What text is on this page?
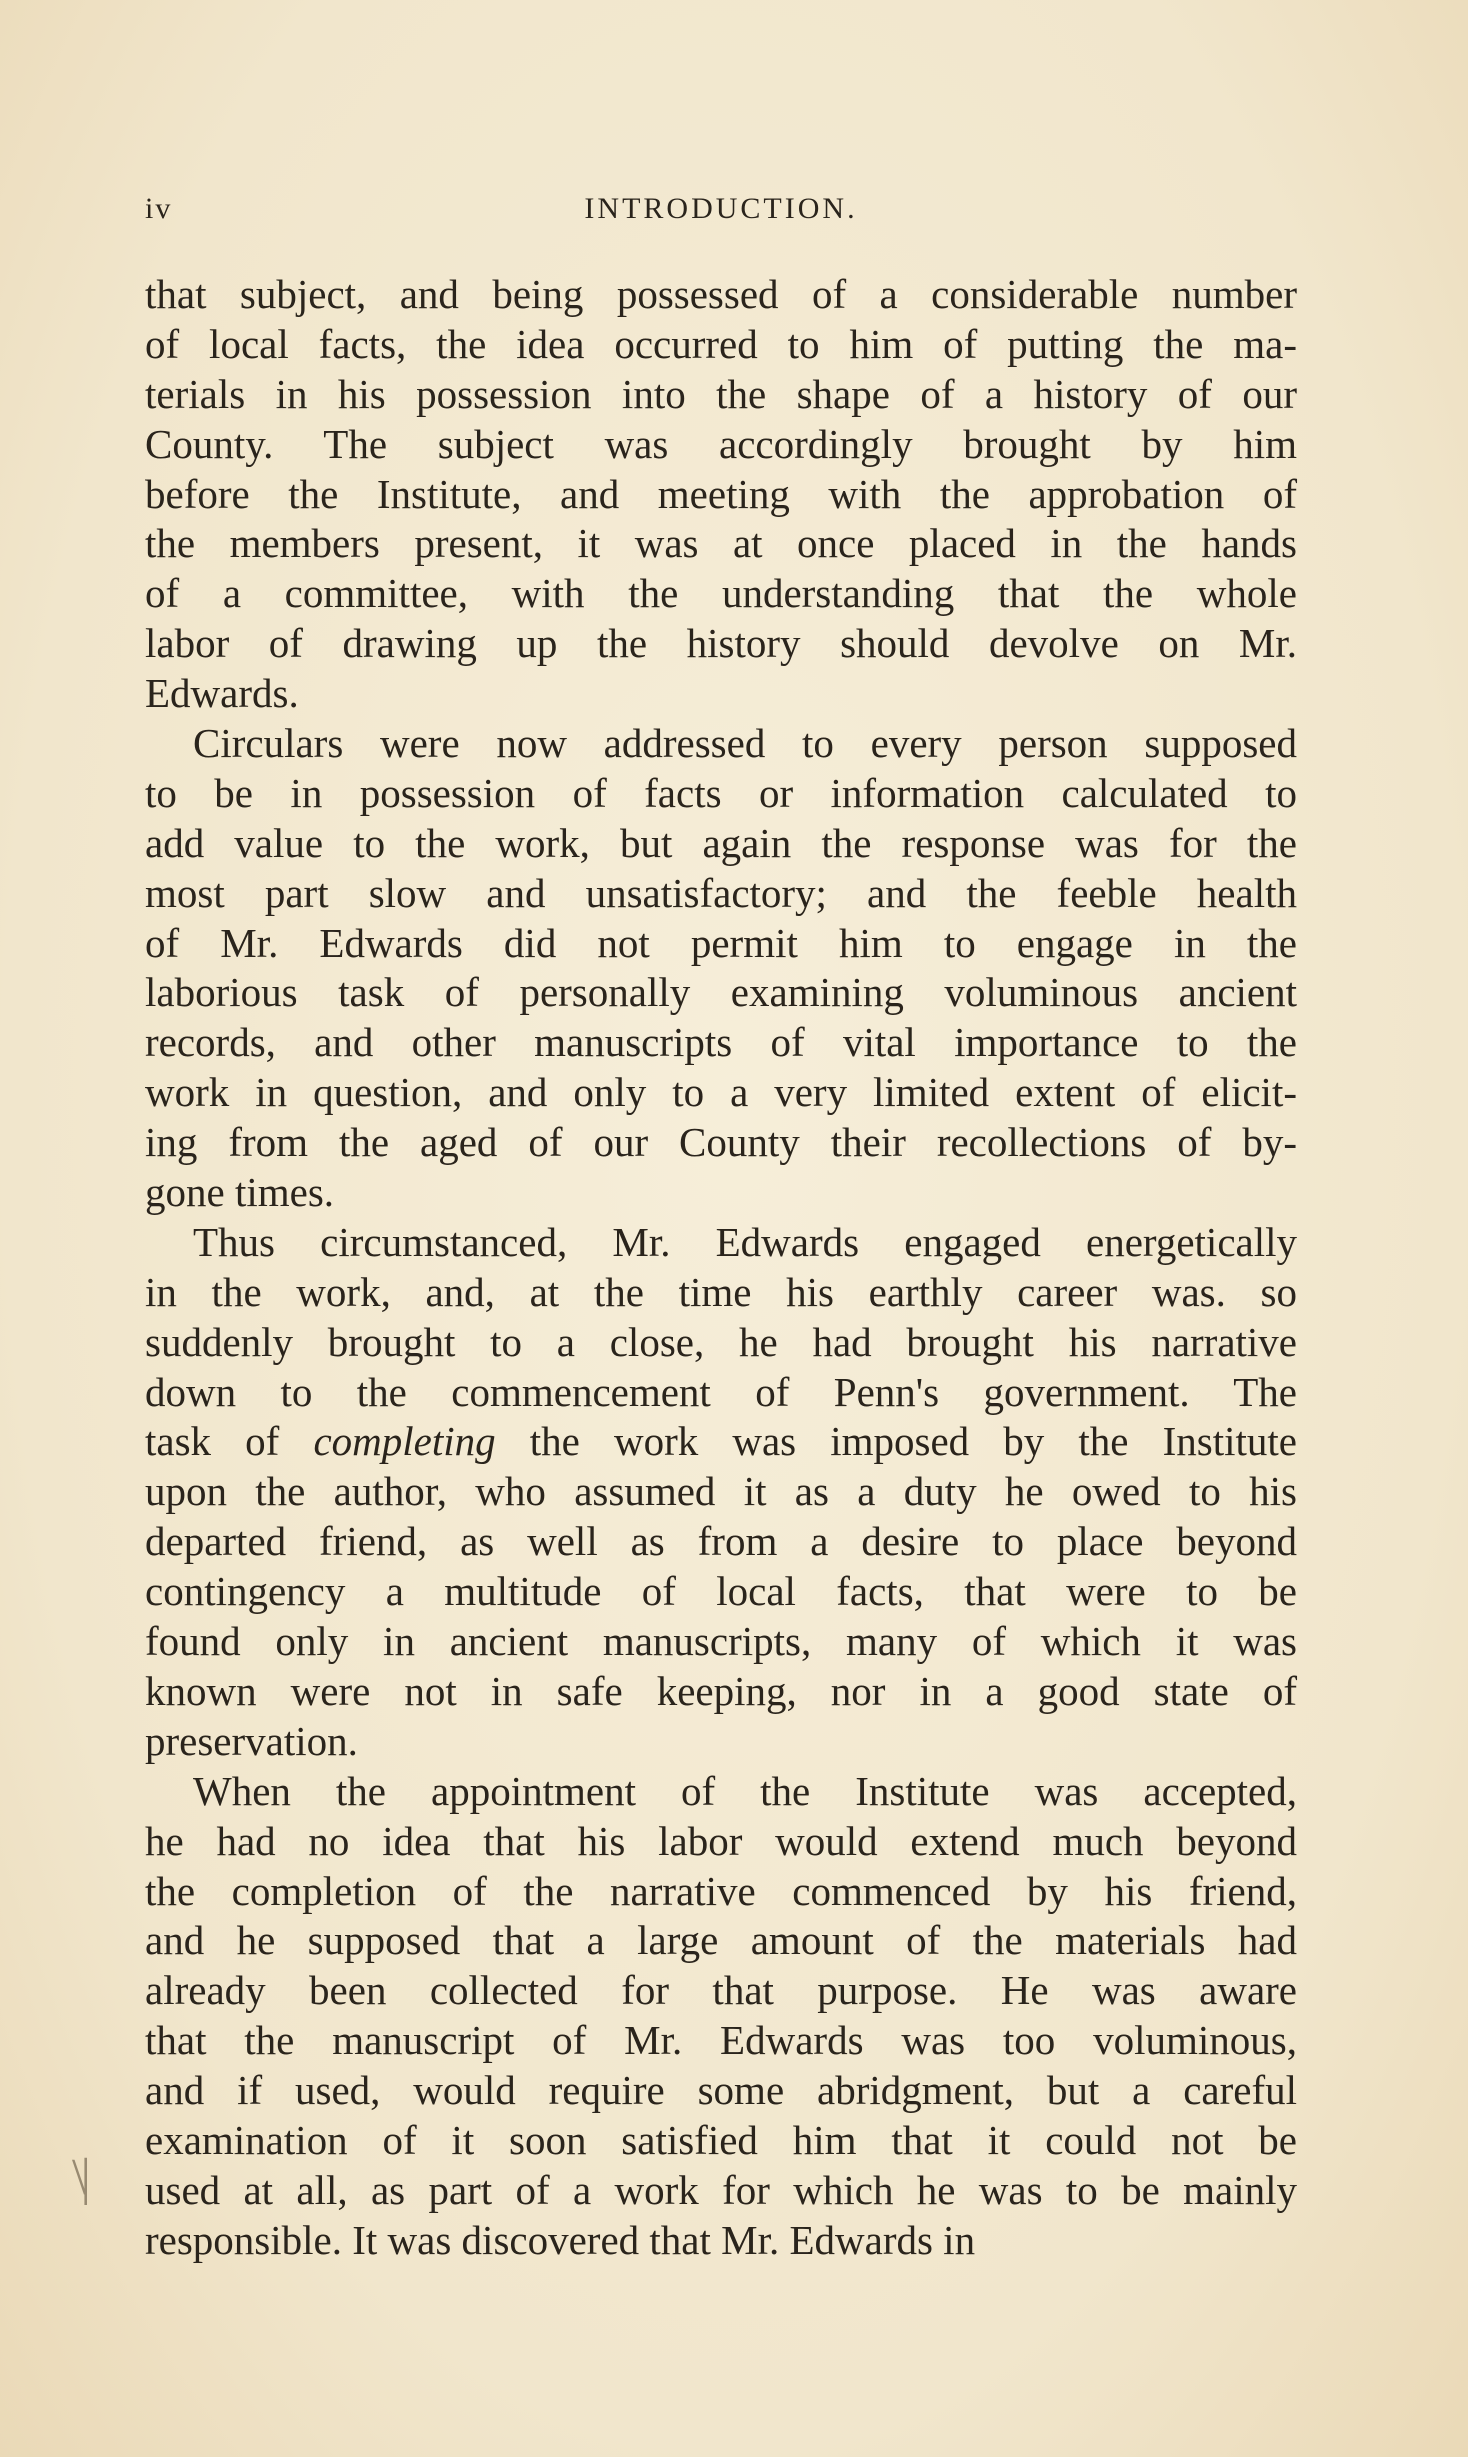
iv	INTRODUCTION.
that subject, and being possessed of a considerable number
of local facts, the idea occurred to him of putting the ma-
terials in his possession into the shape of a history of our
County. The subject was accordingly brought by him
before the Institute, and meeting with the approbation of
the members present, it was at once placed in the hands
of a committee, with the understanding that the whole
labor of drawing up the history should devolve on Mr.
Edwards.
Circulars were now addressed to every person supposed
to be in possession of facts or information calculated to
add value to the work, but again the response was for the
most part slow and unsatisfactory; and the feeble health
of Mr. Edwards did not permit him to engage in the
laborious task of personally examining voluminous ancient
records, and other manuscripts of vital importance to the
work in question, and only to a very limited extent of elicit-
ing from the aged of our County their recollections of by-
gone times.
Thus circumstanced, Mr. Edwards engaged energetically
in the work, and, at the time his earthly career was. so
suddenly brought to a close, he had brought his narrative
down to the commencement of Penn's government. The
task of completing the work was imposed by the Institute
upon the author, who assumed it as a duty he owed to his
departed friend, as well as from a desire to place beyond
contingency a multitude of local facts, that were to be
found only in ancient manuscripts, many of which it was
known were not in safe keeping, nor in a good state of
preservation.
When the appointment of the Institute was accepted,
he had no idea that his labor would extend much beyond
the completion of the narrative commenced by his friend,
and he supposed that a large amount of the materials had
already been collected for that purpose. He was aware
that the manuscript of Mr. Edwards was too voluminous,
and if used, would require some abridgment, but a careful
examination of it soon satisfied him that it could not be
used at all, as part of a work for which he was to be mainly
responsible. It was discovered that Mr. Edwards in
\|
